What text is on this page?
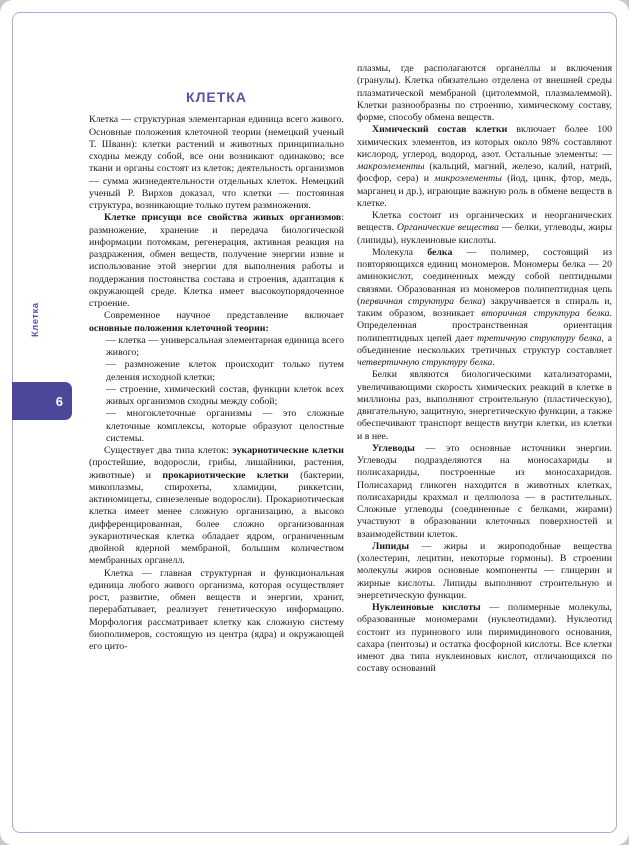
Клетка
6
КЛЕТКА

Клетка — структурная элементарная единица всего живого. Основные положения клеточной теории (немецкий ученый Т. Шванн): клетки растений и животных принципиально сходны между собой, все они возникают одинаково; все ткани и органы состоят из клеток; деятельность организмов — сумма жизнедеятельности отдельных клеток. Немецкий ученый Р. Вирхов доказал, что клетки — постоянная структура, возникающие только путем размножения.

Клетке присущи все свойства живых организмов: размножение, хранение и передача биологической информации потомкам, регенерация, активная реакция на раздражения, обмен веществ, получение энергии извне и использование этой энергии для выполнения работы и поддержания постоянства состава и строения, адаптация к окружающей среде. Клетка имеет высокоупорядоченное строение.

Современное научное представление включает основные положения клеточной теории:

— клетка — универсальная элементарная единица всего живого;

— размножение клеток происходит только путем деления исходной клетки;

— строение, химический состав, функции клеток всех живых организмов сходны между собой;

— многоклеточные организмы — это сложные клеточные комплексы, которые образуют целостные системы.

Существует два типа клеток: эукариотические клетки (простейшие, водоросли, грибы, лишайники, растения, животные) и прокариотические клетки (бактерии, микоплазмы, спирохеты, хламидии, риккетсии, актиномицеты, синезеленые водоросли). Прокариотическая клетка имеет менее сложную организацию, а высоко дифференцированная, более сложно организованная эукариотическая клетка обладает ядром, ограниченным двойной ядерной мембраной, большим количеством мембранных органелл.

Клетка — главная структурная и функциональная единица любого живого организма, которая осуществляет рост, развитие, обмен веществ и энергии, хранит, перерабатывает, реализует генетическую информацию. Морфология рассматривает клетку как сложную систему биополимеров, состоящую из центра (ядра) и окружающей его цито-

плазмы, где располагаются органеллы и включения (гранулы). Клетка обязательно отделена от внешней среды плазматической мембраной (цитолеммой, плазмалеммой). Клетки разнообразны по строению, химическому составу, форме, способу обмена веществ.

Химический состав клетки включает более 100 химических элементов, из которых около 98% составляют кислород, углерод, водород, азот. Остальные элементы: — макроэлементы (кальций, магний, железо, калий, натрий, фосфор, сера) и микроэлементы (йод, цинк, фтор, медь, марганец и др.), играющие важную роль в обмене веществ в клетке.

Клетка состоит из органических и неорганических веществ. Органические вещества — белки, углеводы, жиры (липиды), нуклеиновые кислоты.

Молекула белка — полимер, состоящий из повторяющихся единиц мономеров. Мономеры белка — 20 аминокислот, соединенных между собой пептидными связями. Образованная из мономеров полипептидная цепь (первичная структура белка) закручивается в спираль и, таким образом, возникает вторичная структура белка. Определенная пространственная ориентация полипептидных цепей дает третичную структуру белка, а объединение нескольких третичных структур составляет четвертичную структуру белка.

Белки являются биологическими катализаторами, увеличивающими скорость химических реакций в клетке в миллионы раз, выполняют строительную (пластическую), двигательную, защитную, энергетическую функции, а также обеспечивают транспорт веществ внутри клетки, из клетки и в нее.

Углеводы — это основные источники энергии. Углеводы подразделяются на моносахариды и полисахариды, построенные из моносахаридов. Полисахарид гликоген находится в животных клетках, полисахариды крахмал и целлюлоза — в растительных. Сложные углеводы (соединенные с белками, жирами) участвуют в образовании клеточных поверхностей и взаимодействии клеток.

Липиды — жиры и жироподобные вещества (холестерин, лецитин, некоторые гормоны). В строении молекулы жиров основные компоненты — глицерин и жирные кислоты. Липиды выполняют строительную и энергетическую функции.

Нуклеиновые кислоты — полимерные молекулы, образованные мономерами (нуклеотидами). Нуклеотид состоит из пуринового или пиримидинового основания, сахара (пентозы) и остатка фосфорной кислоты. Все клетки имеют два типа нуклеиновых кислот, отличающихся по составу оснований
